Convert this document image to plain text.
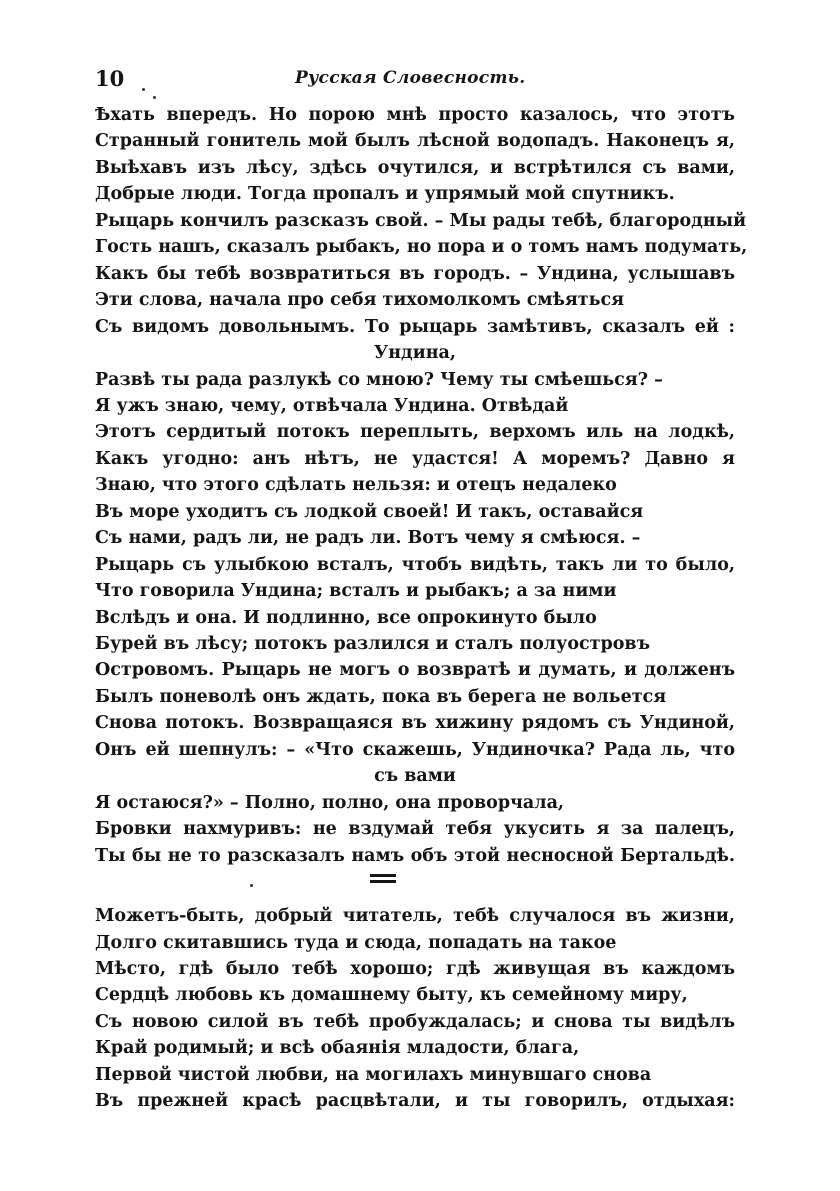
10	Русская Словесность.
Ѣхать впередъ. Но порою мнѣ просто казалось, что этотъ
Странный гонитель мой былъ лѣсной водопадъ. Наконецъ я,
Выѣхавъ изъ лѣсу, здѣсь очутился, и встрѣтился съ вами,
Добрые люди. Тогда пропалъ и упрямый мой спутникъ.
Рыцарь кончилъ разсказъ свой. – Мы рады тебѣ, благородный
Гость нашъ, сказалъ рыбакъ, но пора и о томъ намъ подумать,
Какъ бы тебѣ возвратиться въ городъ. – Ундина, услышавъ
Эти слова, начала про себя тихомолкомъ смѣяться
Съ видомъ довольнымъ. То рыцарь замѣтивъ, сказалъ ей :
Ундина,
Развѣ ты рада разлукѣ со мною? Чему ты смѣешься? –
Я ужъ знаю, чему, отвѣчала Ундина. Отвѣдай
Этотъ сердитый потокъ переплыть, верхомъ иль на лодкѣ,
Какъ угодно: анъ нѣтъ, не удастся! А моремъ? Давно я
Знаю, что этого сдѣлать нельзя: и отецъ недалеко
Въ море уходитъ съ лодкой своей! И такъ, оставайся
Съ нами, радъ ли, не радъ ли. Вотъ чему я смѣюся. –
Рыцарь съ улыбкою всталъ, чтобъ видѣть, такъ ли то было,
Что говорила Ундина; всталъ и рыбакъ; а за ними
Вслѣдъ и она. И подлинно, все опрокинуто было
Бурей въ лѣсу; потокъ разлился и сталъ полуостровъ
Островомъ. Рыцарь не могъ о возвратѣ и думать, и долженъ
Былъ поневолѣ онъ ждать, пока въ берега не вольется
Снова потокъ. Возвращаяся въ хижину рядомъ съ Ундиной,
Онъ ей шепнулъ: – «Что скажешь, Ундиночка? Рада ль, что
съ вами
Я остаюся?» – Полно, полно, она проворчала,
Бровки нахмуривъ: не вздумай тебя укусить я за палецъ,
Ты бы не то разсказалъ намъ объ этой несносной Бертальдѣ.
Можетъ-быть, добрый читатель, тебѣ случалося въ жизни,
Долго скитавшись туда и сюда, попадать на такое
Мѣсто, гдѣ было тебѣ хорошо; гдѣ живущая въ каждомъ
Сердцѣ любовь къ домашнему быту, къ семейному миру,
Съ новою силой въ тебѣ пробуждалась; и снова ты видѣлъ
Край родимый; и всѣ обаянія младости, блага,
Первой чистой любви, на могилахъ минувшаго снова
Въ прежней красѣ расцвѣтали, и ты говорилъ, отдыхая:
